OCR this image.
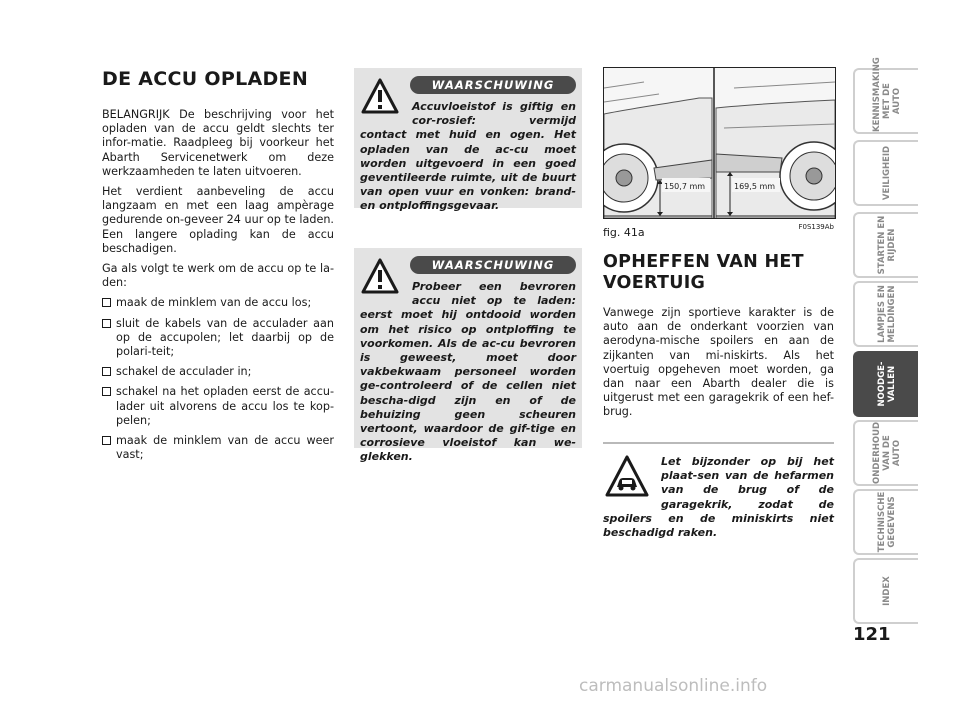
DE ACCU OPLADEN

BELANGRIJK De beschrijving voor het opladen van de accu geldt slechts ter infor-matie. Raadpleeg bij voorkeur het Abarth Servicenetwerk om deze werkzaamheden te laten uitvoeren.

Het verdient aanbeveling de accu langzaam en met een laag ampèrage gedurende on-geveer 24 uur op te laden. Een langere oplading kan de accu beschadigen.

Ga als volgt te werk om de accu op te la-den:

maak de minklem van de accu los;
sluit de kabels van de acculader aan op de accupolen; let daarbij op de polari-teit;
schakel de acculader in;
schakel na het opladen eerst de accu-lader uit alvorens de accu los te kop-pelen;
maak de minklem van de accu weer vast;
WAARSCHUWING
Accuvloeistof is giftig en cor-rosief: vermijd contact met huid en ogen. Het opladen van de ac-cu moet worden uitgevoerd in een goed geventileerde ruimte, uit de buurt van open vuur en vonken: brand- en ontploffingsgevaar.
WAARSCHUWING
Probeer een bevroren accu niet op te laden: eerst moet hij ontdooid worden om het risico op ontploffing te voorkomen. Als de ac-cu bevroren is geweest, moet door vakbekwaam personeel worden ge-controleerd of de cellen niet bescha-digd zijn en of de behuizing geen scheuren vertoont, waardoor de gif-tige en corrosieve vloeistof kan we-glekken.
150,7 mm	169,5 mm
fig. 41a	F0S139Ab
OPHEFFEN VAN HET VOERTUIG

Vanwege zijn sportieve karakter is de auto aan de onderkant voorzien van aerodyna-mische spoilers en aan de zijkanten van mi-niskirts. Als het voertuig opgeheven moet worden, ga dan naar een Abarth dealer die is uitgerust met een garagekrik of een hef-brug.

Let bijzonder op bij het plaat-sen van de hefarmen van de brug of de garagekrik, zodat de spoilers en de miniskirts niet beschadigd raken.

KENNISMAKING
MET DE AUTO
VEILIGHEID
STARTEN EN
RIJDEN
LAMPJES EN
MELDINGEN
NOODGE-
VALLEN
ONDERHOUD
VAN DE AUTO
TECHNISCHE
GEGEVENS
INDEX
121
carmanualsonline.info
